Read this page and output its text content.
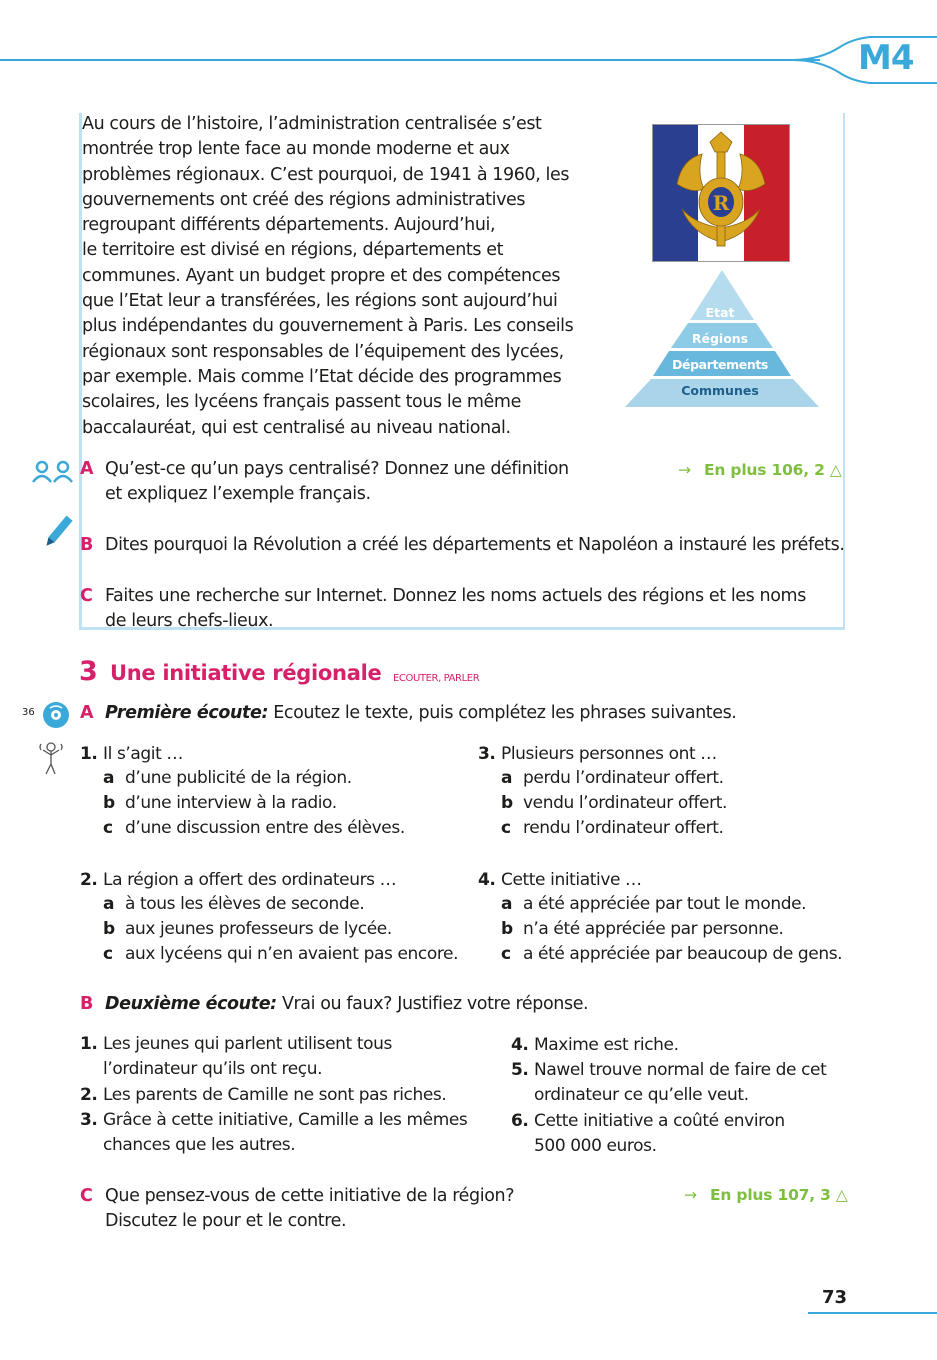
M4
Au cours de l’histoire, l’administration centralisée s’est
montrée trop lente face au monde moderne et aux
problèmes régionaux. C’est pourquoi, de 1941 à 1960, les
gouvernements ont créé des régions administratives
regroupant différents départements. Aujourd’hui,
le territoire est divisé en régions, départements et
communes. Ayant un budget propre et des compétences
que l’Etat leur a transférées, les régions sont aujourd’hui
plus indépendantes du gouvernement à Paris. Les conseils
régionaux sont responsables de l’équipement des lycées,
par exemple. Mais comme l’Etat décide des programmes
scolaires, les lycéens français passent tous le même
baccalauréat, qui est centralisé au niveau national.
R
Etat
Régions
Départements
Communes
A Qu’est-ce qu’un pays centralisé? Donnez une définition
et expliquez l’exemple français.
→ En plus 106, 2 △
B Dites pourquoi la Révolution a créé les départements et Napoléon a instauré les préfets.
C Faites une recherche sur Internet. Donnez les noms actuels des régions et les noms
de leurs chefs-lieux.
3 Une initiative régionale ECOUTER, PARLER
36	A Première écoute: Ecoutez le texte, puis complétez les phrases suivantes.
1. Il s’agit …
a d’une publicité de la région.
b d’une interview à la radio.
c d’une discussion entre des élèves.
2. La région a offert des ordinateurs …
a à tous les élèves de seconde.
b aux jeunes professeurs de lycée.
c aux lycéens qui n’en avaient pas encore.
3. Plusieurs personnes ont …
a perdu l’ordinateur offert.
b vendu l’ordinateur offert.
c rendu l’ordinateur offert.
4. Cette initiative …
a a été appréciée par tout le monde.
b n’a été appréciée par personne.
c a été appréciée par beaucoup de gens.
B Deuxième écoute: Vrai ou faux? Justifiez votre réponse.
1. Les jeunes qui parlent utilisent tous
l’ordinateur qu’ils ont reçu.
2. Les parents de Camille ne sont pas riches.
3. Grâce à cette initiative, Camille a les mêmes
chances que les autres.
4. Maxime est riche.
5. Nawel trouve normal de faire de cet
ordinateur ce qu’elle veut.
6. Cette initiative a coûté environ
500 000 euros.
C Que pensez-vous de cette initiative de la région?
Discutez le pour et le contre.
→ En plus 107, 3 △
73
